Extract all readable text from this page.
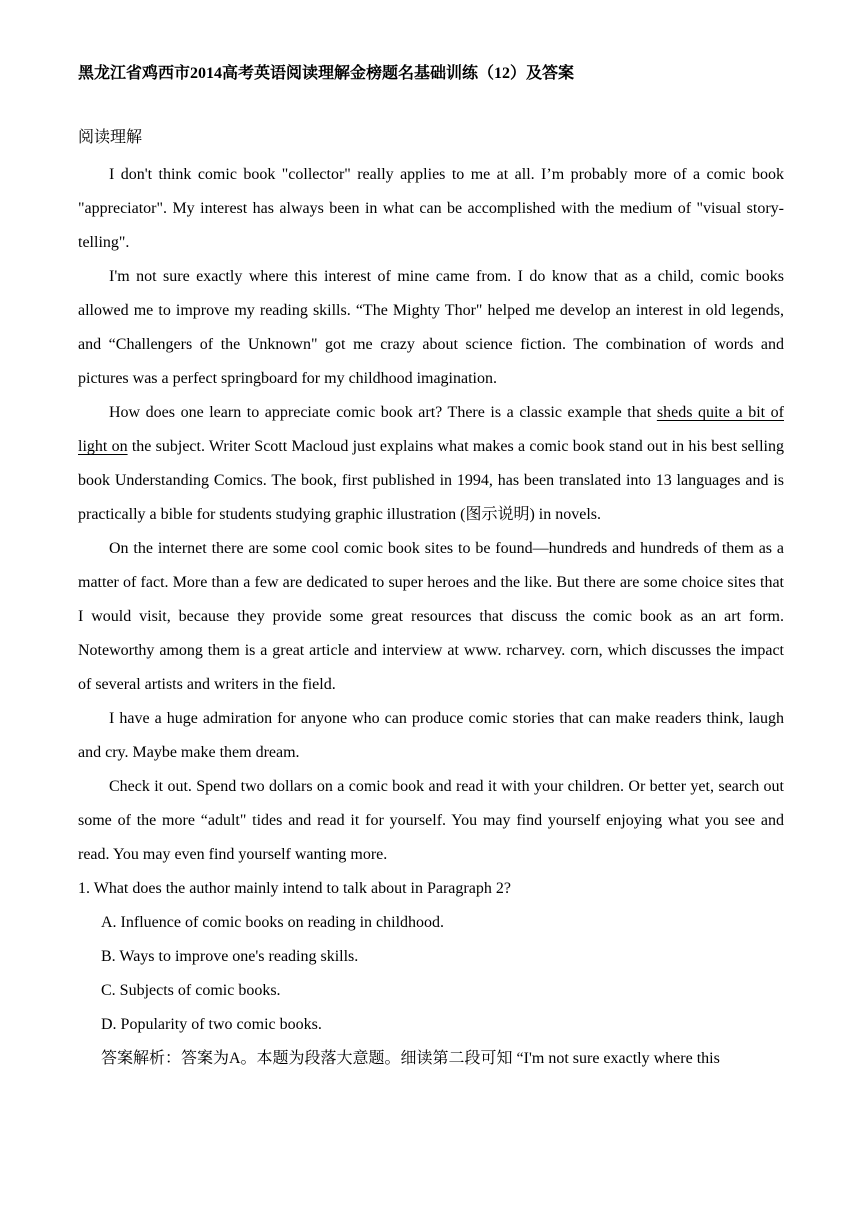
黑龙江省鸡西市2014高考英语阅读理解金榜题名基础训练（12）及答案

阅读理解

I don't think comic book "collector" really applies to me at all. I’m probably more of a comic book "appreciator". My interest has always been in what can be accomplished with the medium of "visual story-telling".

I'm not sure exactly where this interest of mine came from. I do know that as a child, comic books allowed me to improve my reading skills. “The Mighty Thor" helped me develop an interest in old legends, and “Challengers of the Unknown" got me crazy about science fiction. The combination of words and pictures was a perfect springboard for my childhood imagination.

How does one learn to appreciate comic book art? There is a classic example that sheds quite a bit of light on the subject. Writer Scott Macloud just explains what makes a comic book stand out in his best selling book Understanding Comics. The book, first published in 1994, has been translated into 13 languages and is practically a bible for students studying graphic illustration (图示说明) in novels.

On the internet there are some cool comic book sites to be found—hundreds and hundreds of them as a matter of fact. More than a few are dedicated to super heroes and the like. But there are some choice sites that I would visit, because they provide some great resources that discuss the comic book as an art form. Noteworthy among them is a great article and interview at www. rcharvey. corn, which discusses the impact of several artists and writers in the field.

I have a huge admiration for anyone who can produce comic stories that can make readers think, laugh and cry. Maybe make them dream.

Check it out. Spend two dollars on a comic book and read it with your children. Or better yet, search out some of the more “adult" tides and read it for yourself. You may find yourself enjoying what you see and read. You may even find yourself wanting more.

1. What does the author mainly intend to talk about in Paragraph 2?

A. Influence of comic books on reading in childhood.

B. Ways to improve one's reading skills.

C. Subjects of comic books.

D. Popularity of two comic books.

答案解析：答案为A。本题为段落大意题。细读第二段可知 “I'm not sure exactly where this
